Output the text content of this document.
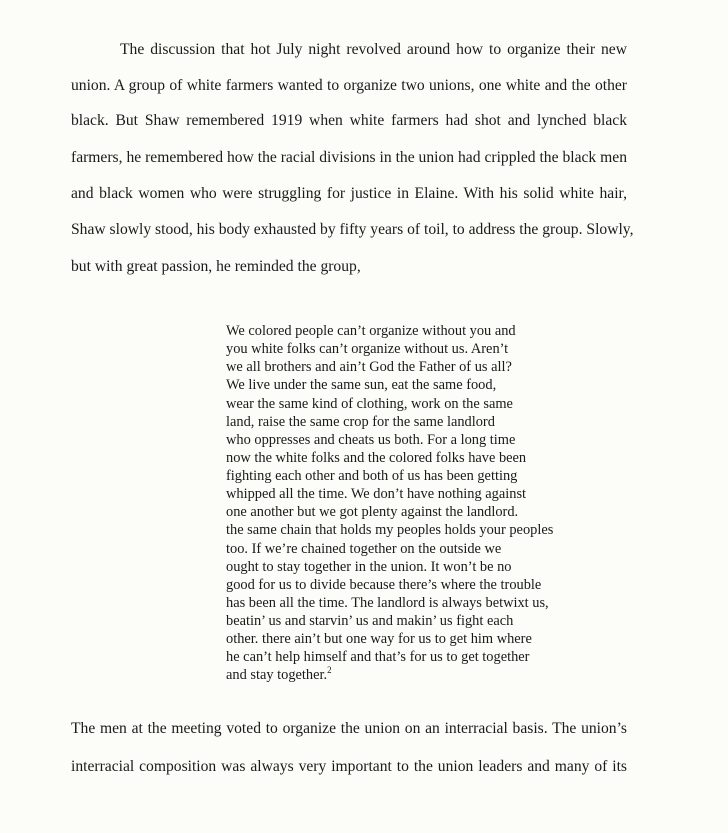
The discussion that hot July night revolved around how to organize their new
union. A group of white farmers wanted to organize two unions, one white and the other
black. But Shaw remembered 1919 when white farmers had shot and lynched black
farmers, he remembered how the racial divisions in the union had crippled the black men
and black women who were struggling for justice in Elaine. With his solid white hair,
Shaw slowly stood, his body exhausted by fifty years of toil, to address the group. Slowly,
but with great passion, he reminded the group,
We colored people can’t organize without you and
you white folks can’t organize without us. Aren’t
we all brothers and ain’t God the Father of us all?
We live under the same sun, eat the same food,
wear the same kind of clothing, work on the same
land, raise the same crop for the same landlord
who oppresses and cheats us both. For a long time
now the white folks and the colored folks have been
fighting each other and both of us has been getting
whipped all the time. We don’t have nothing against
one another but we got plenty against the landlord.
the same chain that holds my peoples holds your peoples
too. If we’re chained together on the outside we
ought to stay together in the union. It won’t be no
good for us to divide because there’s where the trouble
has been all the time. The landlord is always betwixt us,
beatin’ us and starvin’ us and makin’ us fight each
other. there ain’t but one way for us to get him where
he can’t help himself and that’s for us to get together
and stay together.$^2$
The men at the meeting voted to organize the union on an interracial basis. The union’s
interracial composition was always very important to the union leaders and many of its
